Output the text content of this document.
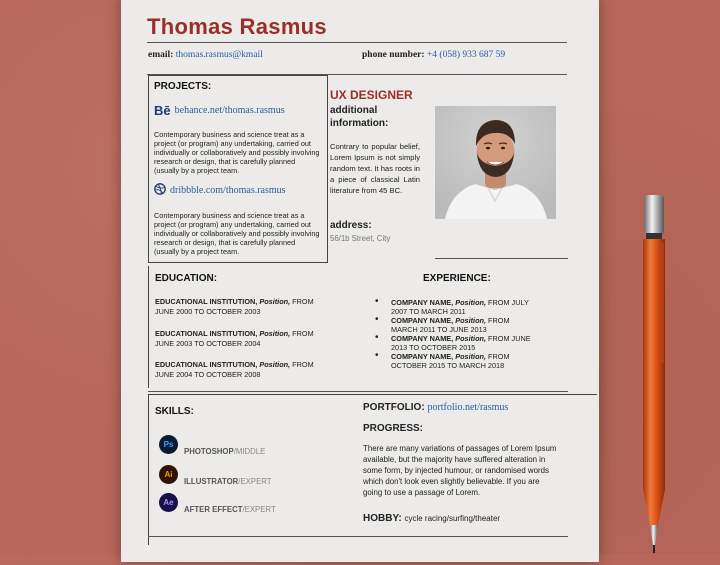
Thomas Rasmus
email: thomas.rasmus@kmail	phone number: +4 (058) 933 687 59
PROJECTS:
Bē behance.net/thomas.rasmus
Contemporary business and science treat as a project (or program) any undertaking, carried out individually or collaboratively and possibly involving research or design, that is carefully planned (usually by a project team.
dribbble.com/thomas.rasmus
Contemporary business and science treat as a project (or program) any undertaking, carried out individually or collaboratively and possibly involving research or design, that is carefully planned (usually by a project team.
UX DESIGNER
additional information:
Contrary to popular belief, Lorem Ipsum is not simply random text. It has roots in a piece of classical Latin literature from 45 BC.
address:
56/1b Street, City
EDUCATION:
EDUCATIONAL INSTITUTION, Position, FROM
JUNE 2000 TO OCTOBER 2003
EDUCATIONAL INSTITUTION, Position, FROM
JUNE 2003 TO OCTOBER 2004
EDUCATIONAL INSTITUTION, Position, FROM
JUNE 2004 TO OCTOBER 2008
EXPERIENCE:
• COMPANY NAME, Position, FROM JULY
2007 TO MARCH 2011
• COMPANY NAME, Position, FROM
MARCH 2011 TO JUNE 2013
• COMPANY NAME, Position, FROM JUNE
2013 TO OCTOBER 2015
• COMPANY NAME, Position, FROM
OCTOBER 2015 TO MARCH 2018
SKILLS:
Ps
PHOTOSHOP/MIDDLE
Ai
ILLUSTRATOR/EXPERT
Ae
AFTER EFFECT/EXPERT
PORTFOLIO: portfolio.net/rasmus
PROGRESS:
There are many variations of passages of Lorem Ipsum available, but the majority have suffered alteration in some form, by injected humour, or randomised words which don't look even slightly believable. If you are going to use a passage of Lorem.
HOBBY: cycle racing/surfing/theater
